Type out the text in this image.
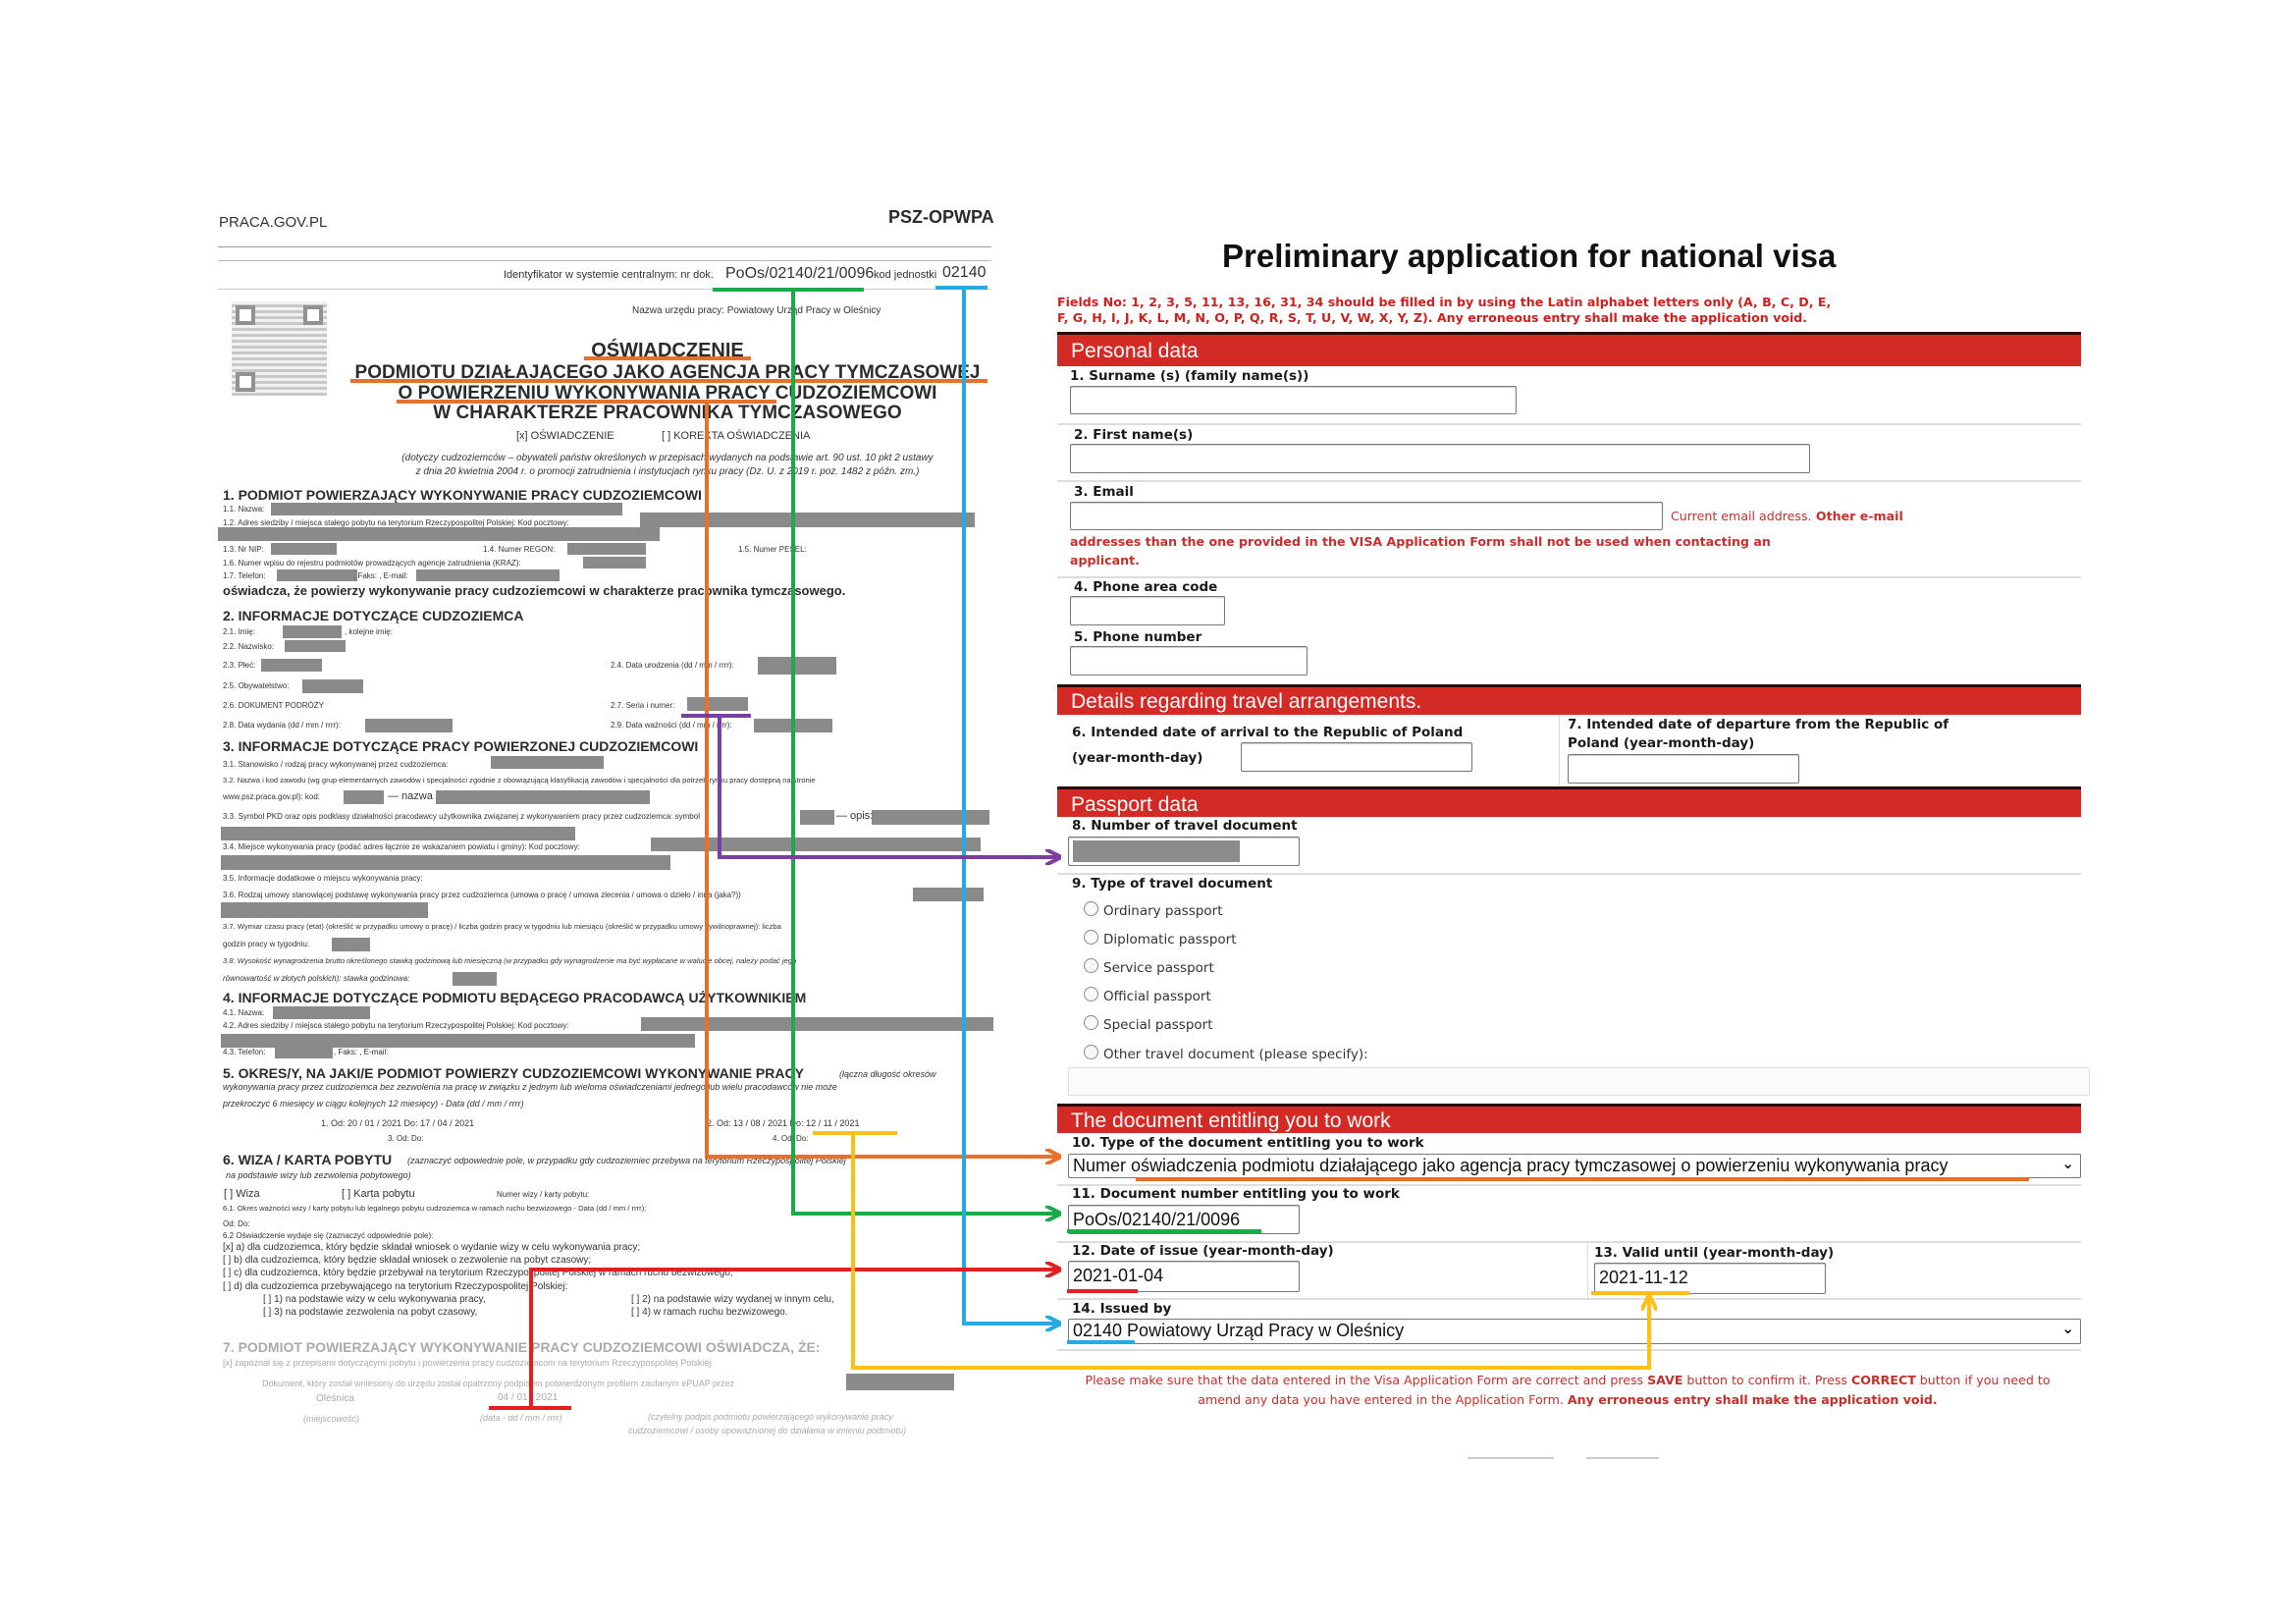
PRACA.GOV.PL	PSZ-OPWPA
Identyfikator w systemie centralnym: nr dok. PoOs/02140/21/0096 kod jednostki 02140
Nazwa urzędu pracy: Powiatowy Urząd Pracy w Oleśnicy
OŚWIADCZENIE
PODMIOTU DZIAŁAJĄCEGO JAKO AGENCJA PRACY TYMCZASOWEJ
O POWIERZENIU WYKONYWANIA PRACY CUDZOZIEMCOWI
W CHARAKTERZE PRACOWNIKA TYMCZASOWEGO
[x] OŚWIADCZENIE	[ ] KOREKTA OŚWIADCZENIA
(dotyczy cudzoziemców – obywateli państw określonych w przepisach wydanych na podstawie art. 90 ust. 10 pkt 2 ustawy
z dnia 20 kwietnia 2004 r. o promocji zatrudnienia i instytucjach rynku pracy (Dz. U. z 2019 r. poz. 1482 z późn. zm.)
1. PODMIOT POWIERZAJĄCY WYKONYWANIE PRACY CUDZOZIEMCOWI
1.1. Nazwa:
1.2. Adres siedziby / miejsca stałego pobytu na terytorium Rzeczypospolitej Polskiej: Kod pocztowy:
1.3. Nr NIP:	1.4. Numer REGON:	1.5. Numer PESEL:
1.6. Numer wpisu do rejestru podmiotów prowadzących agencje zatrudnienia (KRAZ):
1.7. Telefon:	, Faks: , E-mail:
oświadcza, że powierzy wykonywanie pracy cudzoziemcowi w charakterze pracownika tymczasowego.
2. INFORMACJE DOTYCZĄCE CUDZOZIEMCA
2.1. Imię:	, kolejne imię:
2.2. Nazwisko:
2.3. Płeć:	2.4. Data urodzenia (dd / mm / rrrr):
2.5. Obywatelstwo:
2.6. DOKUMENT PODRÓŻY	2.7. Seria i numer:
2.8. Data wydania (dd / mm / rrrr):	2.9. Data ważności (dd / mm / rrrr):
3. INFORMACJE DOTYCZĄCE PRACY POWIERZONEJ CUDZOZIEMCOWI
3.1. Stanowisko / rodzaj pracy wykonywanej przez cudzoziemca:
3.2. Nazwa i kod zawodu (wg grup elementarnych zawodów i specjalności zgodnie z obowiązującą klasyfikacją zawodów i specjalności dla potrzeb rynku pracy dostępną na stronie
www.psz.praca.gov.pl): kod:	— nazwa
3.3. Symbol PKD oraz opis podklasy działalności pracodawcy użytkownika związanej z wykonywaniem pracy przez cudzoziemca: symbol	— opis:
3.4. Miejsce wykonywania pracy (podać adres łącznie ze wskazaniem powiatu i gminy): Kod pocztowy:
3.5. Informacje dodatkowe o miejscu wykonywania pracy:
3.6. Rodzaj umowy stanowiącej podstawę wykonywania pracy przez cudzoziemca (umowa o pracę / umowa zlecenia / umowa o dzieło / inna (jaka?))
3.7. Wymiar czasu pracy (etat) (określić w przypadku umowy o pracę) / liczba godzin pracy w tygodniu lub miesiącu (określić w przypadku umowy cywilnoprawnej): liczba
godzin pracy w tygodniu:
3.8. Wysokość wynagrodzenia brutto określonego stawką godzinową lub miesięczną (w przypadku gdy wynagrodzenie ma być wypłacane w walucie obcej, należy podać jego
równowartość w złotych polskich): stawka godzinowa:
4. INFORMACJE DOTYCZĄCE PODMIOTU BĘDĄCEGO PRACODAWCĄ UŻYTKOWNIKIEM
4.1. Nazwa:
4.2. Adres siedziby / miejsca stałego pobytu na terytorium Rzeczypospolitej Polskiej: Kod pocztowy:
4.3. Telefon:	, Faks: , E-mail:
5. OKRES/Y, NA JAKI/E PODMIOT POWIERZY CUDZOZIEMCOWI WYKONYWANIE PRACY	(łączna długość okresów
wykonywania pracy przez cudzoziemca bez zezwolenia na pracę w związku z jednym lub wieloma oświadczeniami jednego lub wielu pracodawców nie może
przekroczyć 6 miesięcy w ciągu kolejnych 12 miesięcy) - Data (dd / mm / rrrr)
1. Od: 20 / 01 / 2021 Do: 17 / 04 / 2021	2. Od: 13 / 08 / 2021 Do: 12 / 11 / 2021
3. Od: Do:	4. Od: Do:
6. WIZA / KARTA POBYTU (zaznaczyć odpowiednie pole, w przypadku gdy cudzoziemiec przebywa na terytorium Rzeczypospolitej Polskiej
na podstawie wizy lub zezwolenia pobytowego)
[ ] Wiza	[ ] Karta pobytu	Numer wizy / karty pobytu:
6.1. Okres ważności wizy / karty pobytu lub legalnego pobytu cudzoziemca w ramach ruchu bezwizowego - Data (dd / mm / rrrr):
Od: Do:
6.2 Oświadczenie wydaje się (zaznaczyć odpowiednie pole):
[x] a) dla cudzoziemca, który będzie składał wniosek o wydanie wizy w celu wykonywania pracy;
[ ] b) dla cudzoziemca, który będzie składał wniosek o zezwolenie na pobyt czasowy;
[ ] c) dla cudzoziemca, który będzie przebywał na terytorium Rzeczypospolitej Polskiej w ramach ruchu bezwizowego;
[ ] d) dla cudzoziemca przebywającego na terytorium Rzeczypospolitej Polskiej:
[ ] 1) na podstawie wizy w celu wykonywania pracy,	[ ] 2) na podstawie wizy wydanej w innym celu,
[ ] 3) na podstawie zezwolenia na pobyt czasowy,	[ ] 4) w ramach ruchu bezwizowego.
7. PODMIOT POWIERZAJĄCY WYKONYWANIE PRACY CUDZOZIEMCOWI OŚWIADCZA, ŻE:
[x] zapoznał się z przepisami dotyczącymi pobytu i powierzenia pracy cudzoziemcom na terytorium Rzeczypospolitej Polskiej
Dokument, który został wniesiony do urzędu został opatrzony podpisem potwierdzonym profilem zaufanym ePUAP przez
Oleśnica	04 / 01 / 2021
(miejscowość)	(data - dd / mm / rrrr)	(czytelny podpis podmiotu powierzającego wykonywanie pracy
cudzoziemcowi / osoby upoważnionej do działania w imieniu podmiotu)
Preliminary application for national visa
Fields No: 1, 2, 3, 5, 11, 13, 16, 31, 34 should be filled in by using the Latin alphabet letters only (A, B, C, D, E,
F, G, H, I, J, K, L, M, N, O, P, Q, R, S, T, U, V, W, X, Y, Z). Any erroneous entry shall make the application void.
Personal data
1. Surname (s) (family name(s))
2. First name(s)
3. Email
Current email address. Other e-mail
addresses than the one provided in the VISA Application Form shall not be used when contacting an
applicant.
4. Phone area code
5. Phone number
Details regarding travel arrangements.
6. Intended date of arrival to the Republic of Poland
(year-month-day)
7. Intended date of departure from the Republic of
Poland (year-month-day)
Passport data
8. Number of travel document
9. Type of travel document
Ordinary passport
Diplomatic passport
Service passport
Official passport
Special passport
Other travel document (please specify):
The document entitling you to work
10. Type of the document entitling you to work
Numer oświadczenia podmiotu działającego jako agencja pracy tymczasowej o powierzeniu wykonywania pracy	⌄
11. Document number entitling you to work
PoOs/02140/21/0096
12. Date of issue (year-month-day)
2021-01-04
13. Valid until (year-month-day)
2021-11-12
14. Issued by
02140 Powiatowy Urząd Pracy w Oleśnicy	⌄
Please make sure that the data entered in the Visa Application Form are correct and press SAVE button to confirm it. Press CORRECT button if you need to amend any data you have entered in the Application Form. Any erroneous entry shall make the application void.
